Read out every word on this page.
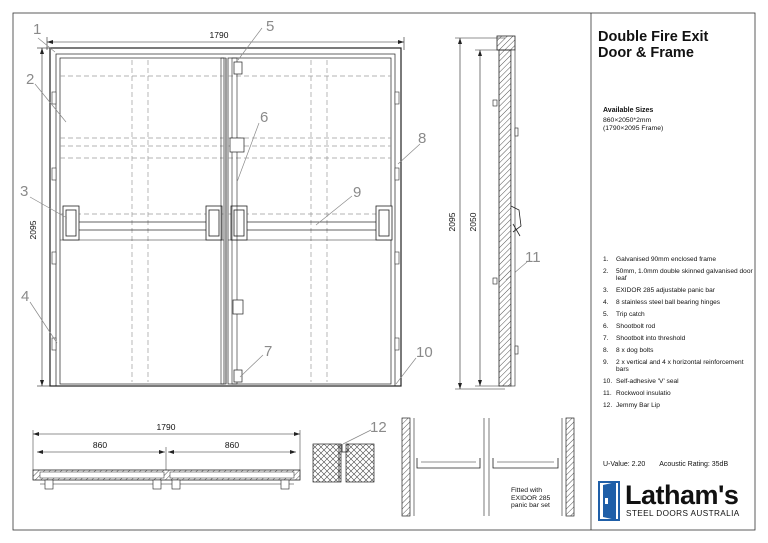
1790
2095
1
2
3
4
5
6
7
8
9
10
11
12
2095 2050
1790
860	860
Fitted with
EXIDOR 285
panic bar set
Double Fire Exit
Door & Frame
Available Sizes
860×2050*2mm
(1790×2095 Frame)
1.	Galvanised 90mm enclosed frame
2.	50mm, 1.0mm double skinned galvanised door leaf
3.	EXIDOR 285 adjustable panic bar
4.	8 stainless steel ball bearing hinges
5.	Trip catch
6.	Shootbolt rod
7.	Shootbolt into threshold
8.	8 x dog bolts
9.	2 x vertical and 4 x horizontal reinforcement bars
10. Self-adhesive 'V' seal
11. Rockwool insulatio
12. Jemmy Bar Lip
U-Value: 2.20 Acoustic Rating: 35dB
Latham's
STEEL DOORS AUSTRALIA
